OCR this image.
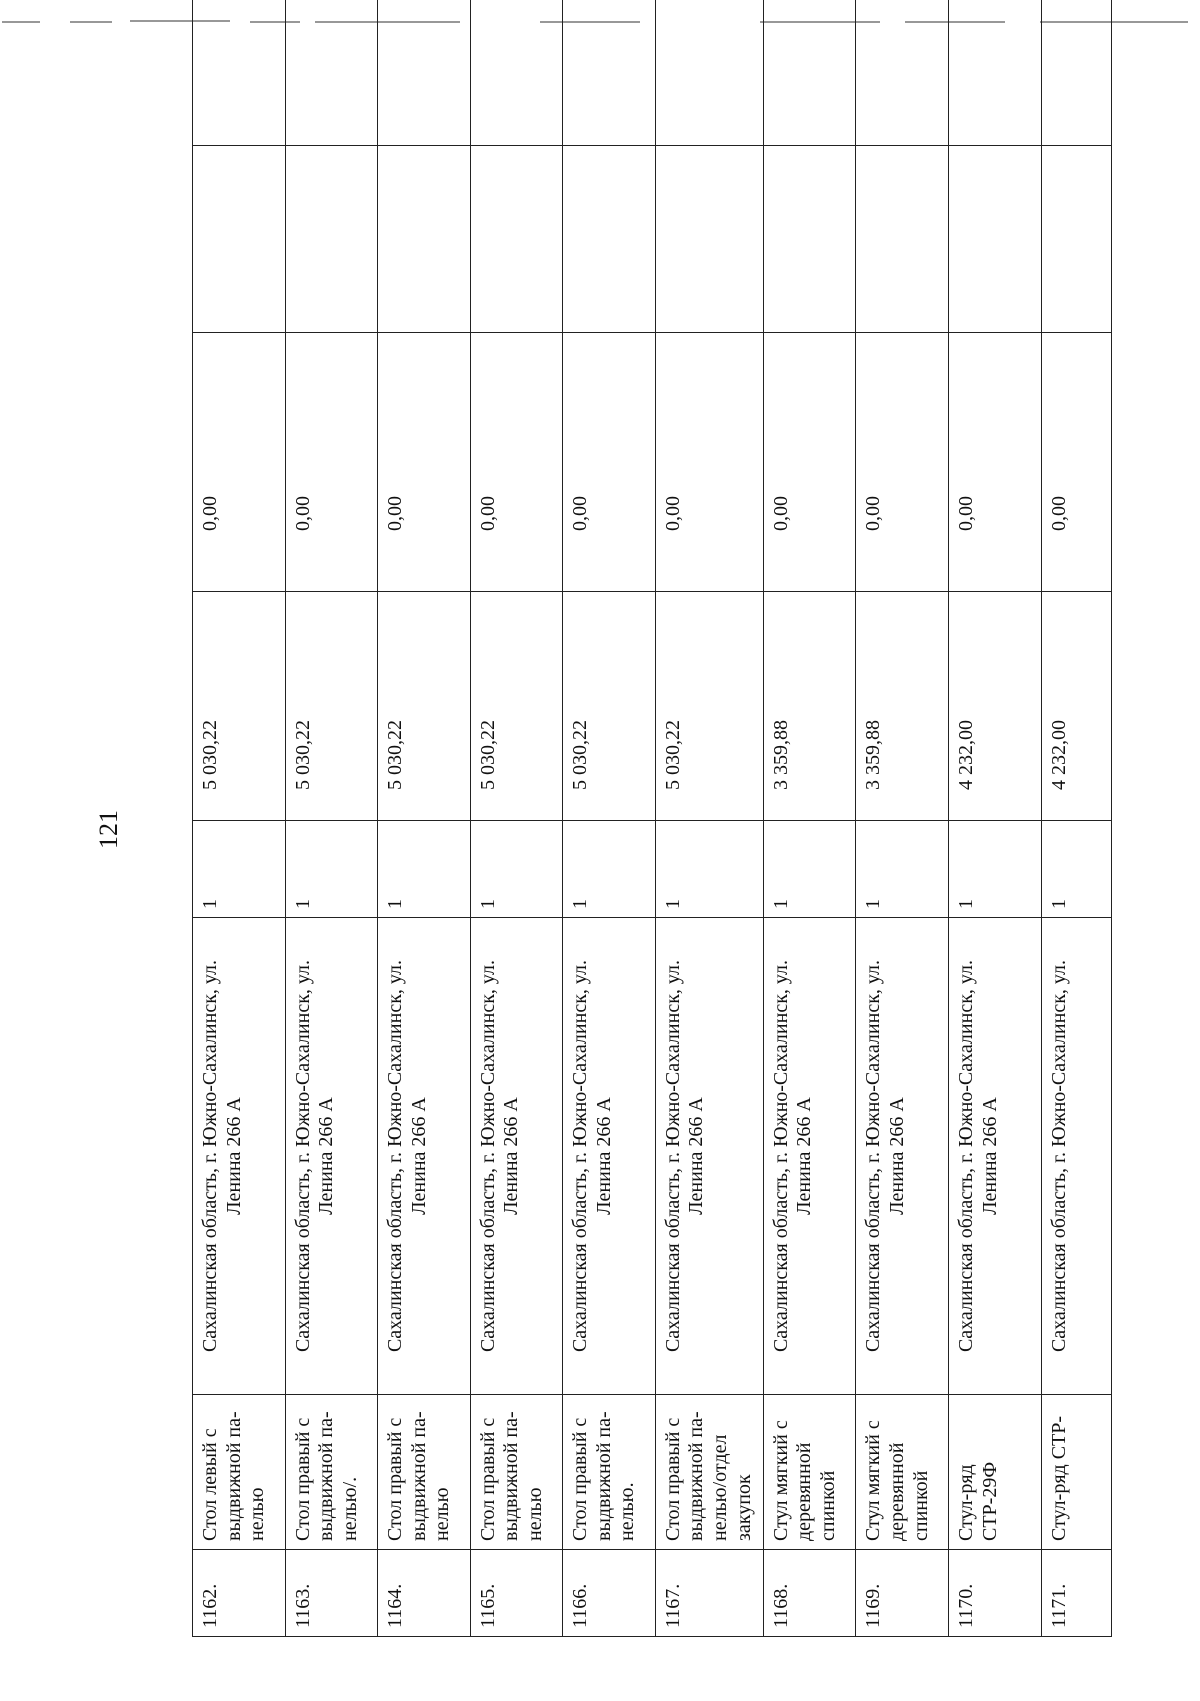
121
1162.	Стол левый с выдвижной па-нелью	Сахалинская область, г. Южно-Сахалинск, ул. Ленина 266 А	1	5 030,22	0,00		
1163.	Стол правый с выдвижной па-нелью/.	Сахалинская область, г. Южно-Сахалинск, ул. Ленина 266 А	1	5 030,22	0,00		
1164.	Стол правый с выдвижной па-нелью	Сахалинская область, г. Южно-Сахалинск, ул. Ленина 266 А	1	5 030,22	0,00		
1165.	Стол правый с выдвижной па-нелью	Сахалинская область, г. Южно-Сахалинск, ул. Ленина 266 А	1	5 030,22	0,00		
1166.	Стол правый с выдвижной па-нелью.	Сахалинская область, г. Южно-Сахалинск, ул. Ленина 266 А	1	5 030,22	0,00		
1167.	Стол правый с выдвижной па-нелью/отдел закупок	Сахалинская область, г. Южно-Сахалинск, ул. Ленина 266 А	1	5 030,22	0,00		
1168.	Стул мягкий с деревянной спинкой	Сахалинская область, г. Южно-Сахалинск, ул. Ленина 266 А	1	3 359,88	0,00		
1169.	Стул мягкий с деревянной спинкой	Сахалинская область, г. Южно-Сахалинск, ул. Ленина 266 А	1	3 359,88	0,00		
1170.	Стул-ряд СТР-29Ф	Сахалинская область, г. Южно-Сахалинск, ул. Ленина 266 А	1	4 232,00	0,00		
1171.	Стул-ряд СТР-	Сахалинская область, г. Южно-Сахалинск, ул.	1	4 232,00	0,00		
